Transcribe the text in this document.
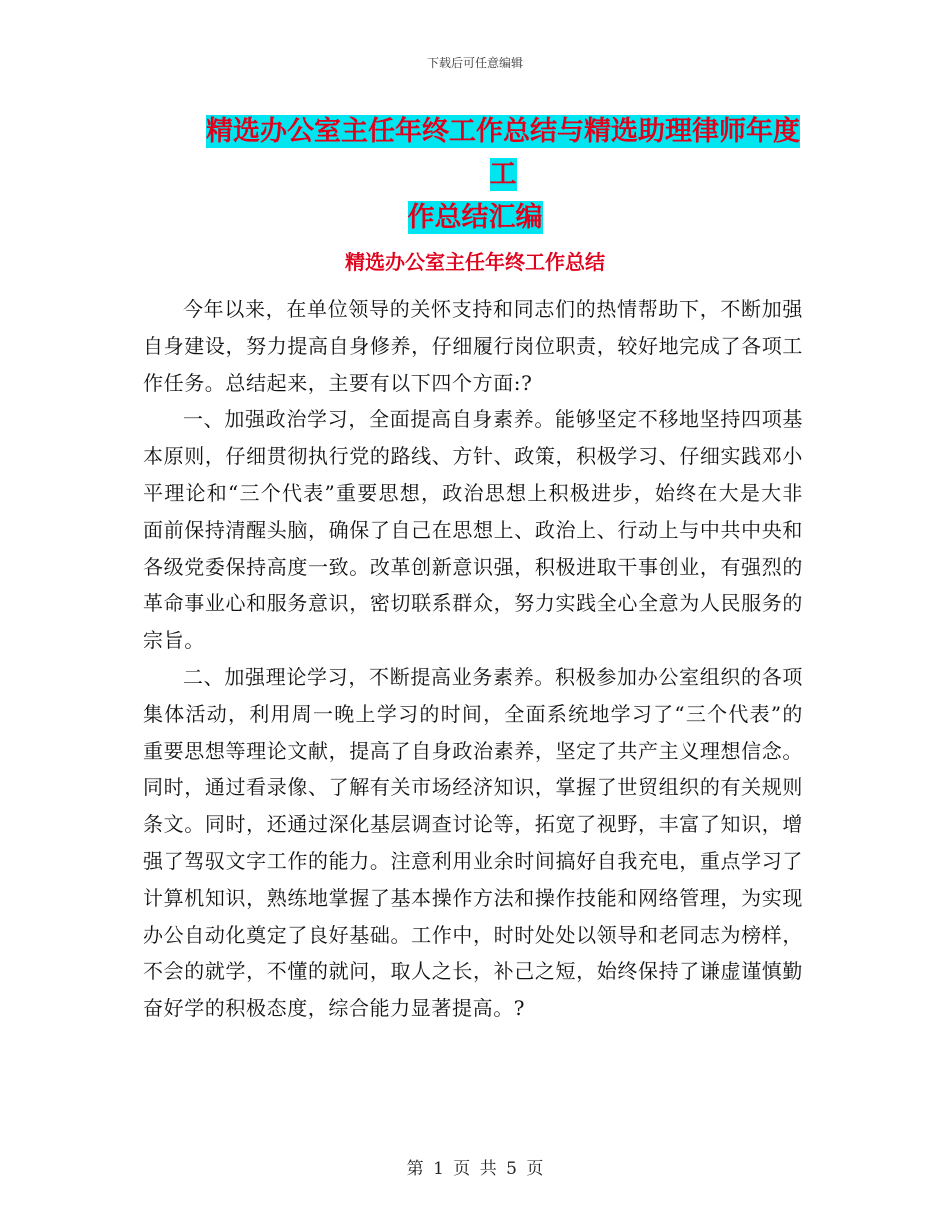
下载后可任意编辑
精选办公室主任年终工作总结与精选助理律师年度工
作总结汇编
精选办公室主任年终工作总结

今年以来，在单位领导的关怀支持和同志们的热情帮助下，不断加强自身建设，努力提高自身修养，仔细履行岗位职责，较好地完成了各项工作任务。总结起来，主要有以下四个方面:?

一、加强政治学习，全面提高自身素养。能够坚定不移地坚持四项基本原则，仔细贯彻执行党的路线、方针、政策，积极学习、仔细实践邓小平理论和“三个代表”重要思想，政治思想上积极进步，始终在大是大非面前保持清醒头脑，确保了自己在思想上、政治上、行动上与中共中央和各级党委保持高度一致。改革创新意识强，积极进取干事创业，有强烈的革命事业心和服务意识，密切联系群众，努力实践全心全意为人民服务的宗旨。

二、加强理论学习，不断提高业务素养。积极参加办公室组织的各项集体活动，利用周一晚上学习的时间，全面系统地学习了“三个代表”的重要思想等理论文献，提高了自身政治素养，坚定了共产主义理想信念。同时，通过看录像、了解有关市场经济知识，掌握了世贸组织的有关规则条文。同时，还通过深化基层调查讨论等，拓宽了视野，丰富了知识，增强了驾驭文字工作的能力。注意利用业余时间搞好自我充电，重点学习了计算机知识，熟练地掌握了基本操作方法和操作技能和网络管理，为实现办公自动化奠定了良好基础。工作中，时时处处以领导和老同志为榜样，不会的就学，不懂的就问，取人之长，补己之短，始终保持了谦虚谨慎勤奋好学的积极态度，综合能力显著提高。?

第 1 页 共 5 页
